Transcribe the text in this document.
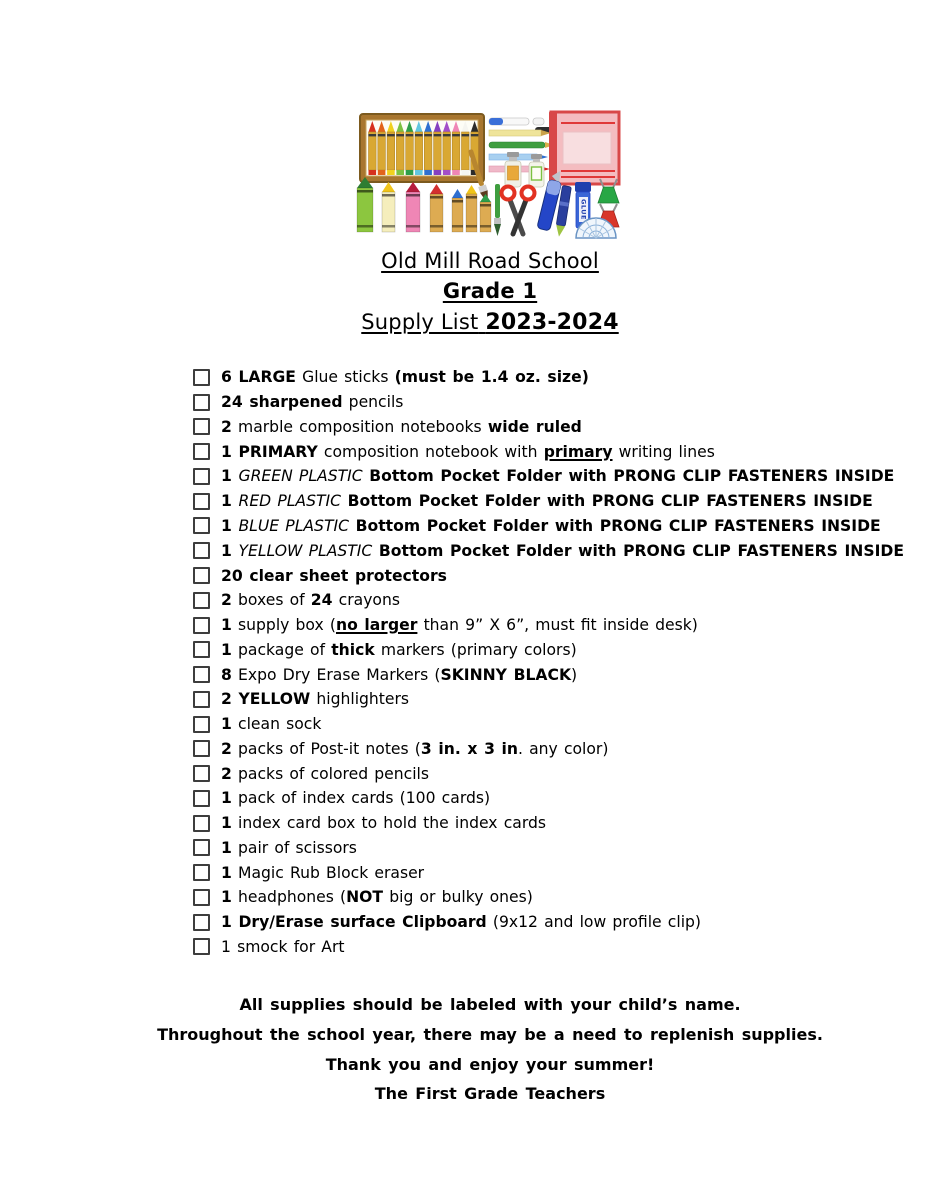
GLUE
Old Mill Road School
Grade 1
Supply List 2023-2024
6 LARGE Glue sticks (must be 1.4 oz. size)
24 sharpened pencils
2 marble composition notebooks wide ruled
1 PRIMARY composition notebook with primary writing lines
1 GREEN PLASTIC Bottom Pocket Folder with PRONG CLIP FASTENERS INSIDE
1 RED PLASTIC Bottom Pocket Folder with PRONG CLIP FASTENERS INSIDE
1 BLUE PLASTIC Bottom Pocket Folder with PRONG CLIP FASTENERS INSIDE
1 YELLOW PLASTIC Bottom Pocket Folder with PRONG CLIP FASTENERS INSIDE
20 clear sheet protectors
2 boxes of 24 crayons
1 supply box (no larger than 9” X 6”, must fit inside desk)
1 package of thick markers (primary colors)
8 Expo Dry Erase Markers (SKINNY BLACK)
2 YELLOW highlighters
1 clean sock
2 packs of Post-it notes (3 in. x 3 in. any color)
2 packs of colored pencils
1 pack of index cards (100 cards)
1 index card box to hold the index cards
1 pair of scissors
1 Magic Rub Block eraser
1 headphones (NOT big or bulky ones)
1 Dry/Erase surface Clipboard (9x12 and low profile clip)
1 smock for Art
All supplies should be labeled with your child’s name.
Throughout the school year, there may be a need to replenish supplies.
Thank you and enjoy your summer!
The First Grade Teachers
